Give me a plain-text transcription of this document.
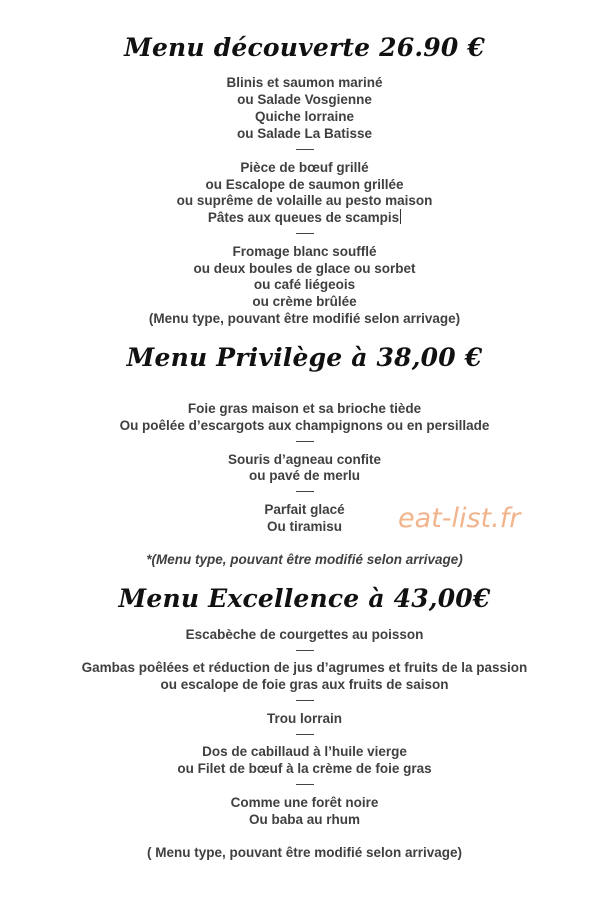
Menu découverte 26.90 €
Blinis et saumon mariné
ou Salade Vosgienne
Quiche lorraine
ou Salade La Batisse
Pièce de bœuf grillé
ou Escalope de saumon grillée
ou suprême de volaille au pesto maison
Pâtes aux queues de scampis
Fromage blanc soufflé
ou deux boules de glace ou sorbet
ou café liégeois
ou crème brûlée
(Menu type, pouvant être modifié selon arrivage)
Menu Privilège à 38,00 €
Foie gras maison et sa brioche tiède
Ou poêlée d’escargots aux champignons ou en persillade
Souris d’agneau confite
ou pavé de merlu
Parfait glacé
Ou tiramisu
*(Menu type, pouvant être modifié selon arrivage)
Menu Excellence à 43,00€
Escabèche de courgettes au poisson
Gambas poêlées et réduction de jus d’agrumes et fruits de la passion
ou escalope de foie gras aux fruits de saison
Trou lorrain
Dos de cabillaud à l’huile vierge
ou Filet de bœuf à la crème de foie gras
Comme une forêt noire
Ou baba au rhum
( Menu type, pouvant être modifié selon arrivage)
eat-list.fr
